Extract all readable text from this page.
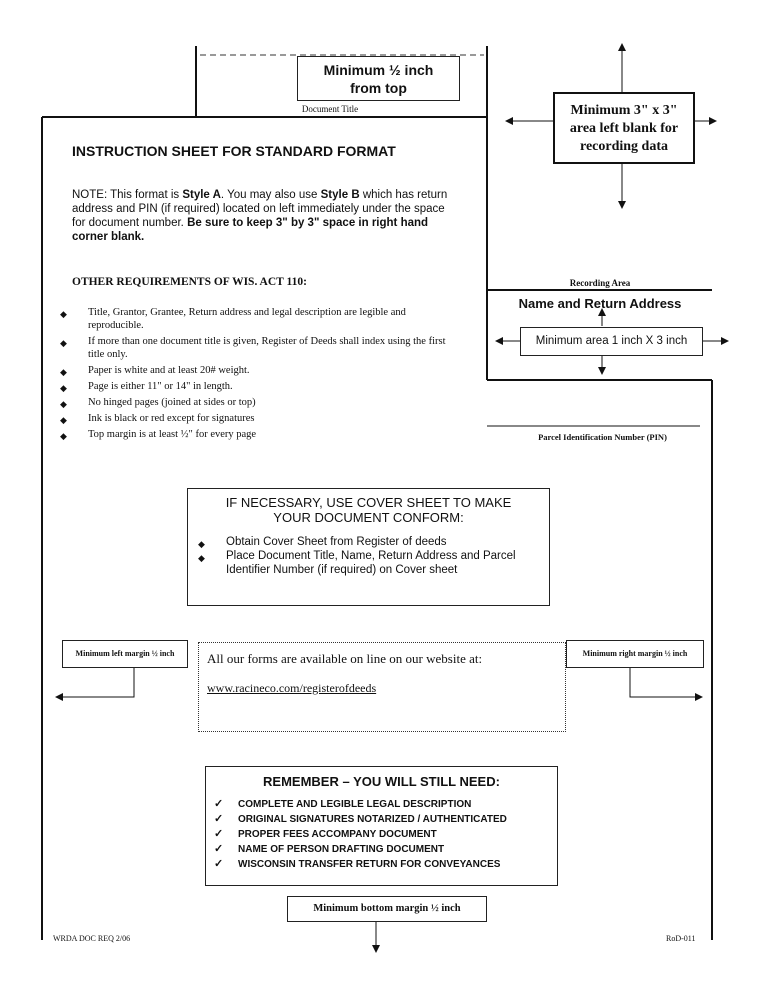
Minimum ½ inch
from top
Document Title	Minimum 3" x 3"
area left blank for
recording data
INSTRUCTION SHEET FOR STANDARD FORMAT
NOTE: This format is Style A. You may also use Style B which has return address and PIN (if required) located on left immediately under the space for document number. Be sure to keep 3" by 3" space in right hand corner blank.
OTHER REQUIREMENTS OF WIS. ACT 110:
◆ Title, Grantor, Grantee, Return address and legal description are legible and reproducible.
◆ If more than one document title is given, Register of Deeds shall index using the first title only.
◆ Paper is white and at least 20# weight.
◆ Page is either 11" or 14" in length.
◆ No hinged pages (joined at sides or top)
◆ Ink is black or red except for signatures
◆ Top margin is at least ½" for every page
Recording Area
Name and Return Address
Minimum area 1 inch X 3 inch
Parcel Identification Number (PIN)
IF NECESSARY, USE COVER SHEET TO MAKE
YOUR DOCUMENT CONFORM:
◆ Obtain Cover Sheet from Register of deeds
◆ Place Document Title, Name, Return Address and Parcel Identifier Number (if required) on Cover sheet
Minimum left margin ½ inch	Minimum right margin ½ inch
All our forms are available on line on our website at:
www.racineco.com/registerofdeeds
REMEMBER – YOU WILL STILL NEED:
✓ COMPLETE AND LEGIBLE LEGAL DESCRIPTION
✓ ORIGINAL SIGNATURES NOTARIZED / AUTHENTICATED
✓ PROPER FEES ACCOMPANY DOCUMENT
✓ NAME OF PERSON DRAFTING DOCUMENT
✓ WISCONSIN TRANSFER RETURN FOR CONVEYANCES
Minimum bottom margin ½ inch
WRDA DOC REQ 2/06	RoD-011
